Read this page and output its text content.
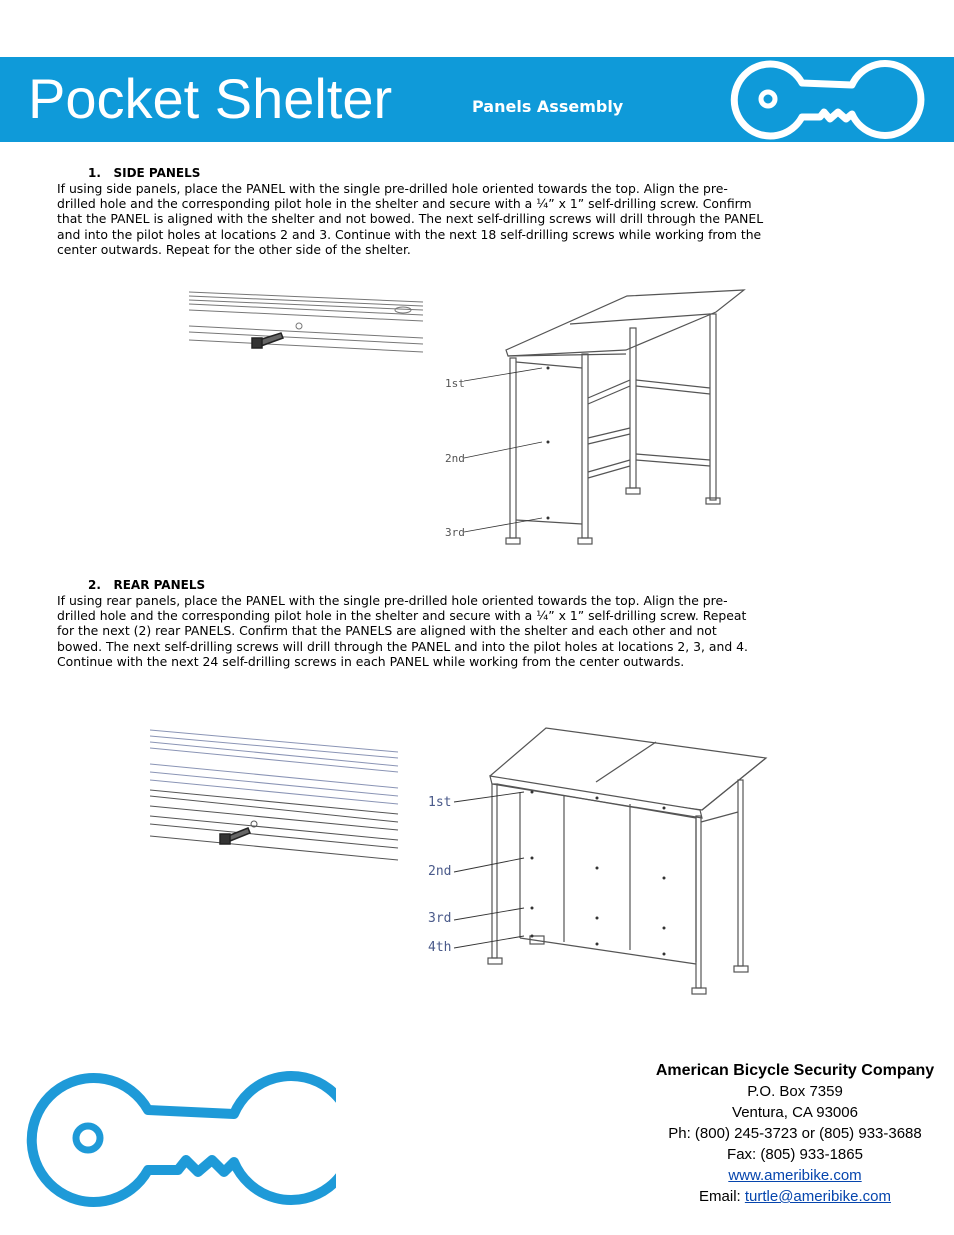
Pocket Shelter	Panels Assembly
1. SIDE PANELS
If using side panels, place the PANEL with the single pre-drilled hole oriented towards the top. Align the pre-
drilled hole and the corresponding pilot hole in the shelter and secure with a ¼” x 1” self-drilling screw. Confirm
that the PANEL is aligned with the shelter and not bowed. The next self-drilling screws will drill through the PANEL
and into the pilot holes at locations 2 and 3. Continue with the next 18 self-drilling screws while working from the
center outwards. Repeat for the other side of the shelter.
1st
2nd
3rd
2. REAR PANELS
If using rear panels, place the PANEL with the single pre-drilled hole oriented towards the top. Align the pre-
drilled hole and the corresponding pilot hole in the shelter and secure with a ¼” x 1” self-drilling screw. Repeat
for the next (2) rear PANELS. Confirm that the PANELS are aligned with the shelter and each other and not
bowed. The next self-drilling screws will drill through the PANEL and into the pilot holes at locations 2, 3, and 4.
Continue with the next 24 self-drilling screws in each PANEL while working from the center outwards.
1st
2nd
3rd
4th
American Bicycle Security Company
P.O. Box 7359
Ventura, CA 93006
Ph: (800) 245-3723 or (805) 933-3688
Fax: (805) 933-1865
www.ameribike.com
Email: turtle@ameribike.com
